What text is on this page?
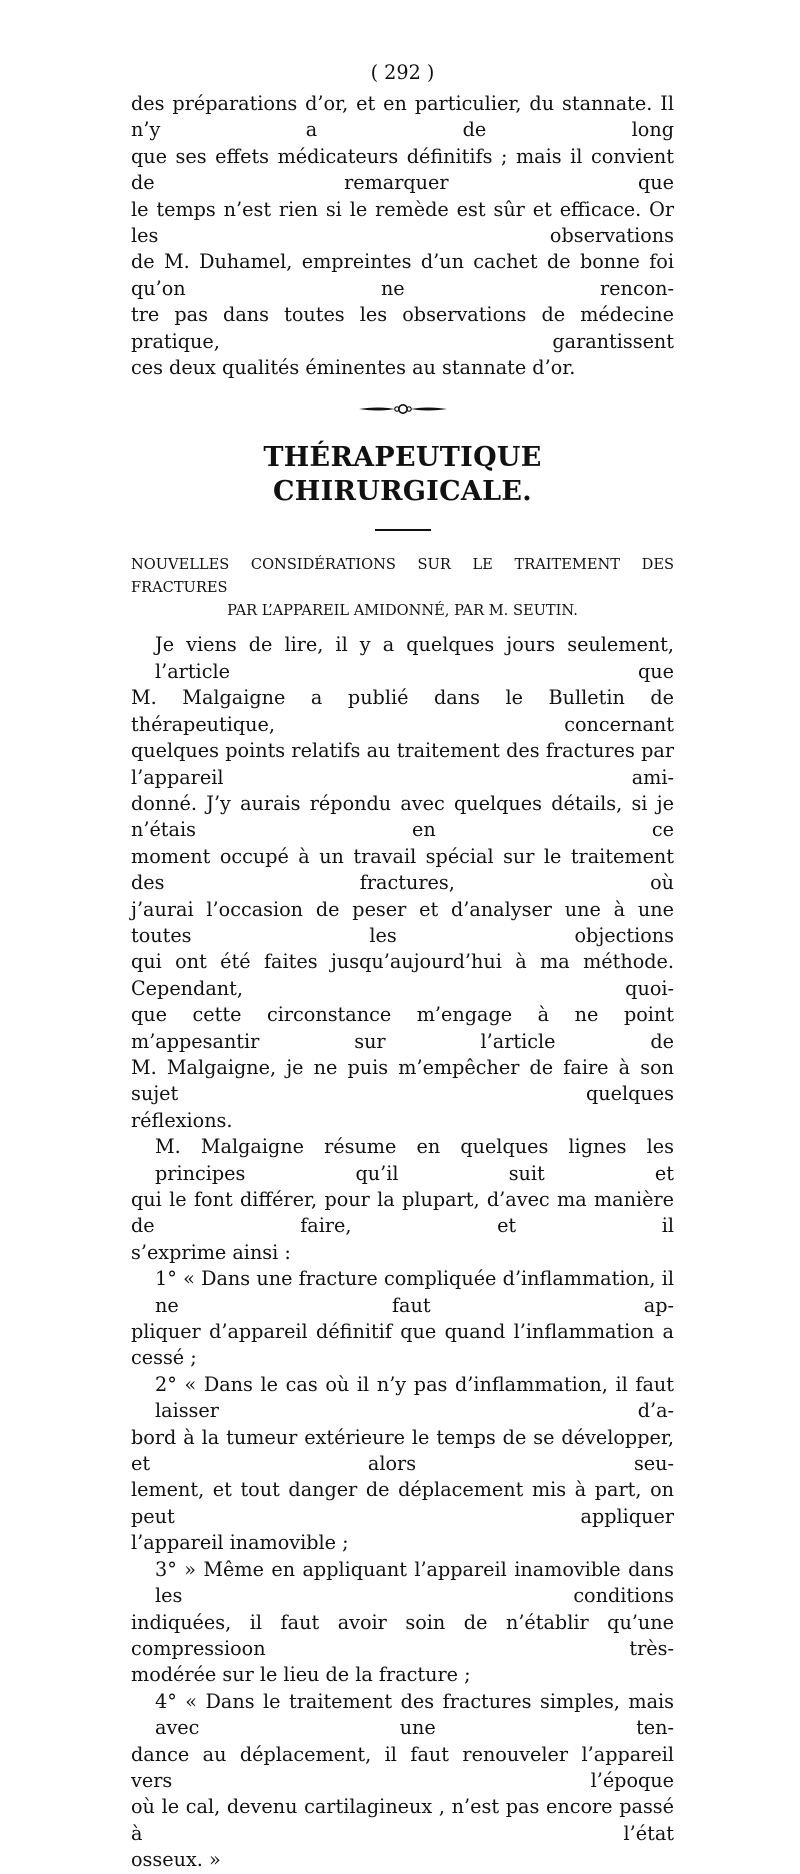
( 292 )

des préparations d’or, et en particulier, du stannate. Il n’y a de long

que ses effets médicateurs définitifs ; mais il convient de remarquer que

le temps n’est rien si le remède est sûr et efficace. Or les observations

de M. Duhamel, empreintes d’un cachet de bonne foi qu’on ne rencon-

tre pas dans toutes les observations de médecine pratique, garantissent

ces deux qualités éminentes au stannate d’or.

THÉRAPEUTIQUE CHIRURGICALE.
NOUVELLES CONSIDÉRATIONS SUR LE TRAITEMENT DES FRACTURES
PAR L’APPAREIL AMIDONNÉ, PAR M. SEUTIN.

Je viens de lire, il y a quelques jours seulement, l’article que

M. Malgaigne a publié dans le Bulletin de thérapeutique, concernant

quelques points relatifs au traitement des fractures par l’appareil ami-

donné. J’y aurais répondu avec quelques détails, si je n’étais en ce

moment occupé à un travail spécial sur le traitement des fractures, où

j’aurai l’occasion de peser et d’analyser une à une toutes les objections

qui ont été faites jusqu’aujourd’hui à ma méthode. Cependant, quoi-

que cette circonstance m’engage à ne point m’appesantir sur l’article de

M. Malgaigne, je ne puis m’empêcher de faire à son sujet quelques

réflexions.

M. Malgaigne résume en quelques lignes les principes qu’il suit et

qui le font différer, pour la plupart, d’avec ma manière de faire, et il

s’exprime ainsi :

1° « Dans une fracture compliquée d’inflammation, il ne faut ap-

pliquer d’appareil définitif que quand l’inflammation a cessé ;

2° « Dans le cas où il n’y pas d’inflammation, il faut laisser d’a-

bord à la tumeur extérieure le temps de se développer, et alors seu-

lement, et tout danger de déplacement mis à part, on peut appliquer

l’appareil inamovible ;

3° » Même en appliquant l’appareil inamovible dans les conditions

indiquées, il faut avoir soin de n’établir qu’une compressioon très-

modérée sur le lieu de la fracture ;

4° « Dans le traitement des fractures simples, mais avec une ten-

dance au déplacement, il faut renouveler l’appareil vers l’époque

où le cal, devenu cartilagineux , n’est pas encore passé à l’état

osseux. »
